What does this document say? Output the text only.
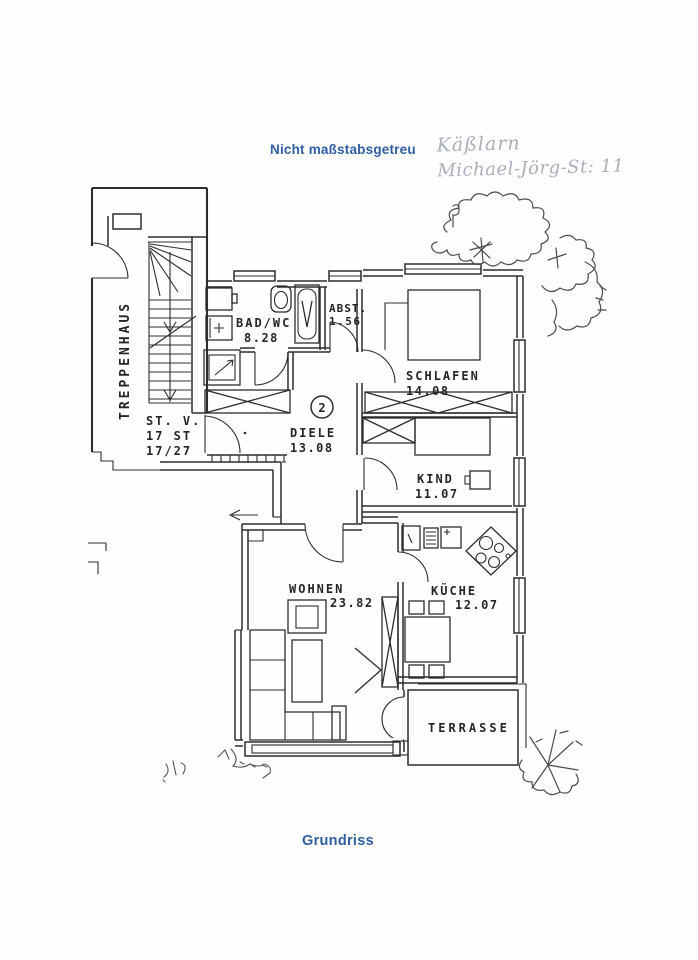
Nicht maßstabsgetreu Käßlarn
Michael-Jörg-St: 11
TREPPENHAUS
ST. V.
17 ST
17/27
BAD/WC
8.28
ABST.
1.56
SCHLAFEN
14.08
DIELE
13.08
KIND
11.07
WOHNEN
23.82
KÜCHE
12.07
TERRASSE
2
Grundriss
